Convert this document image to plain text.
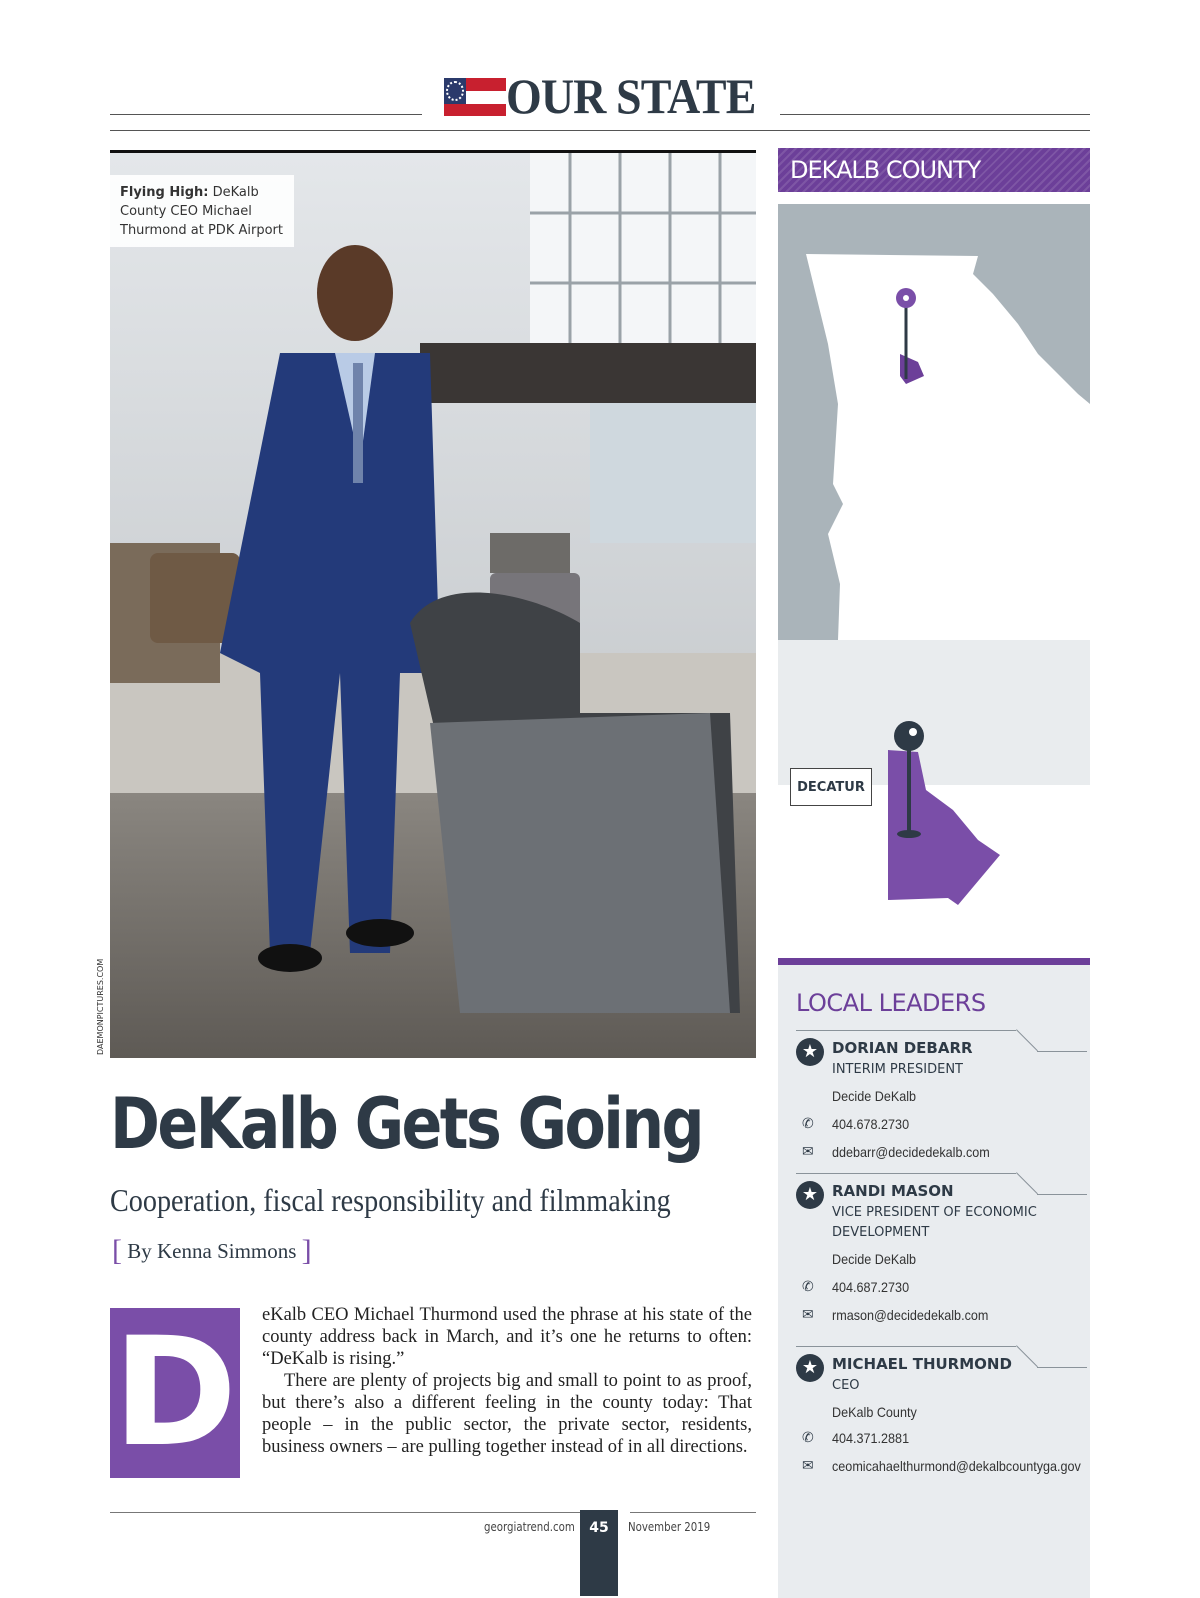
OUR STATE
Flying High: DeKalb County CEO Michael Thurmond at PDK Airport
DAEMONPICTURES.COM
DeKalb Gets Going
Cooperation, fiscal responsibility and filmmaking
[ By Kenna Simmons ]
D eKalb CEO Michael Thurmond used the phrase at his state of the county address back in March, and it’s one he returns to often: “DeKalb is rising.”

There are plenty of projects big and small to point to as proof, but there’s also a different feeling in the county today: That people – in the public sector, the private sector, residents, business owners – are pulling together instead of in all directions.

georgiatrend.com	45	November 2019
DEKALB COUNTY
DECATUR
LOCAL LEADERS
★ DORIAN DEBARR
INTERIM PRESIDENT
Decide DeKalb
✆ 404.678.2730
✉ ddebarr@decidedekalb.com
★ RANDI MASON
VICE PRESIDENT OF ECONOMIC DEVELOPMENT
Decide DeKalb
✆ 404.687.2730
✉ rmason@decidedekalb.com
★ MICHAEL THURMOND
CEO
DeKalb County
✆ 404.371.2881
✉ ceomicahaelthurmond@dekalbcountyga.gov
